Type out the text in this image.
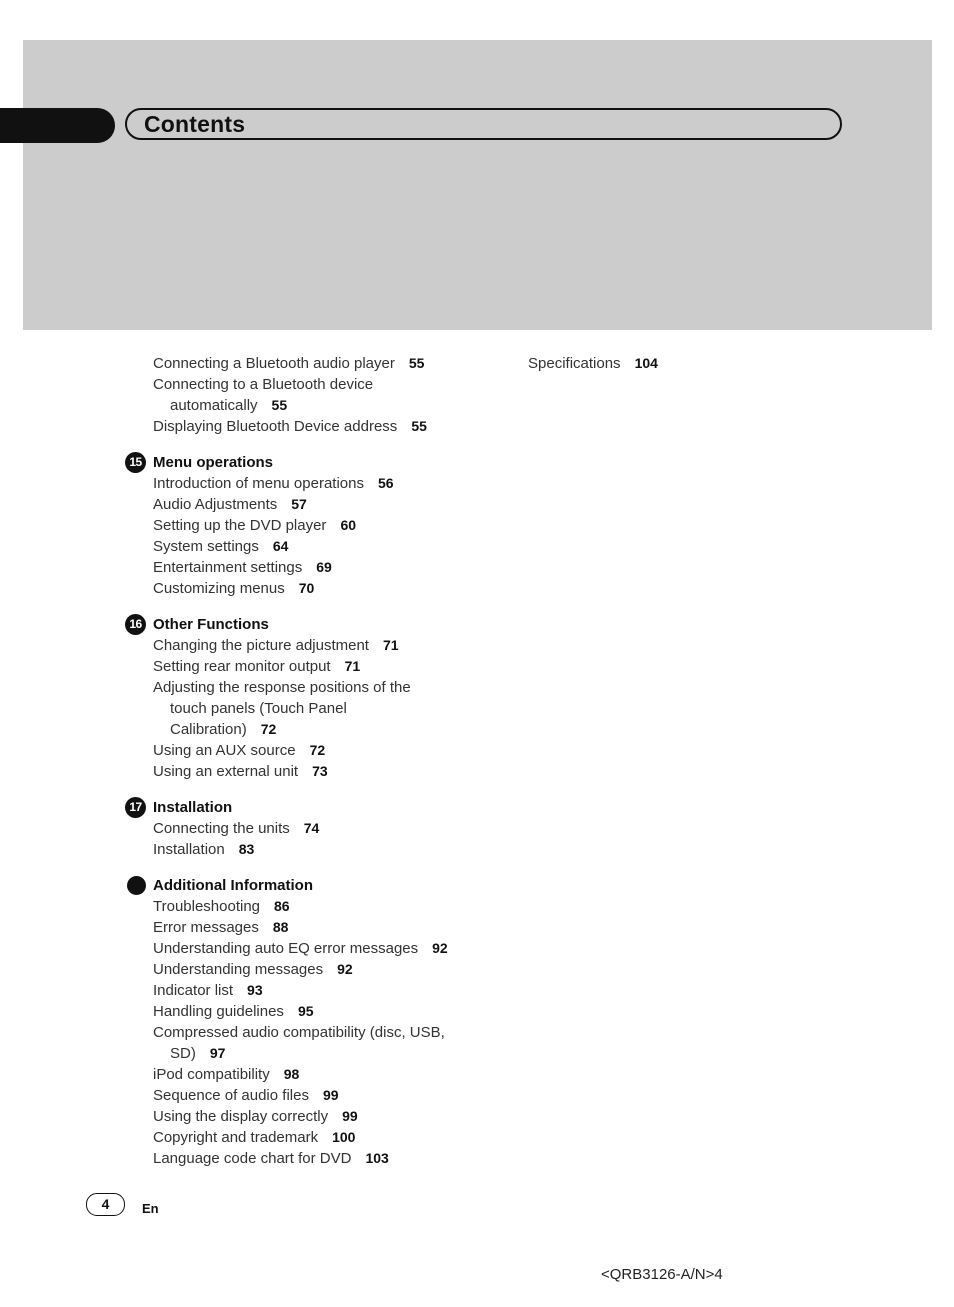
Contents
Connecting a Bluetooth audio player 55
Connecting to a Bluetooth device
automatically 55
Displaying Bluetooth Device address 55
15 Menu operations
Introduction of menu operations 56
Audio Adjustments 57
Setting up the DVD player 60
System settings 64
Entertainment settings 69
Customizing menus 70
16 Other Functions
Changing the picture adjustment 71
Setting rear monitor output 71
Adjusting the response positions of the
touch panels (Touch Panel
Calibration) 72
Using an AUX source 72
Using an external unit 73
17 Installation
Connecting the units 74
Installation 83
Additional Information
Troubleshooting 86
Error messages 88
Understanding auto EQ error messages 92
Understanding messages 92
Indicator list 93
Handling guidelines 95
Compressed audio compatibility (disc, USB,
SD) 97
iPod compatibility 98
Sequence of audio files 99
Using the display correctly 99
Copyright and trademark 100
Language code chart for DVD 103
Specifications 104
4	En
<QRB3126-A/N>4
